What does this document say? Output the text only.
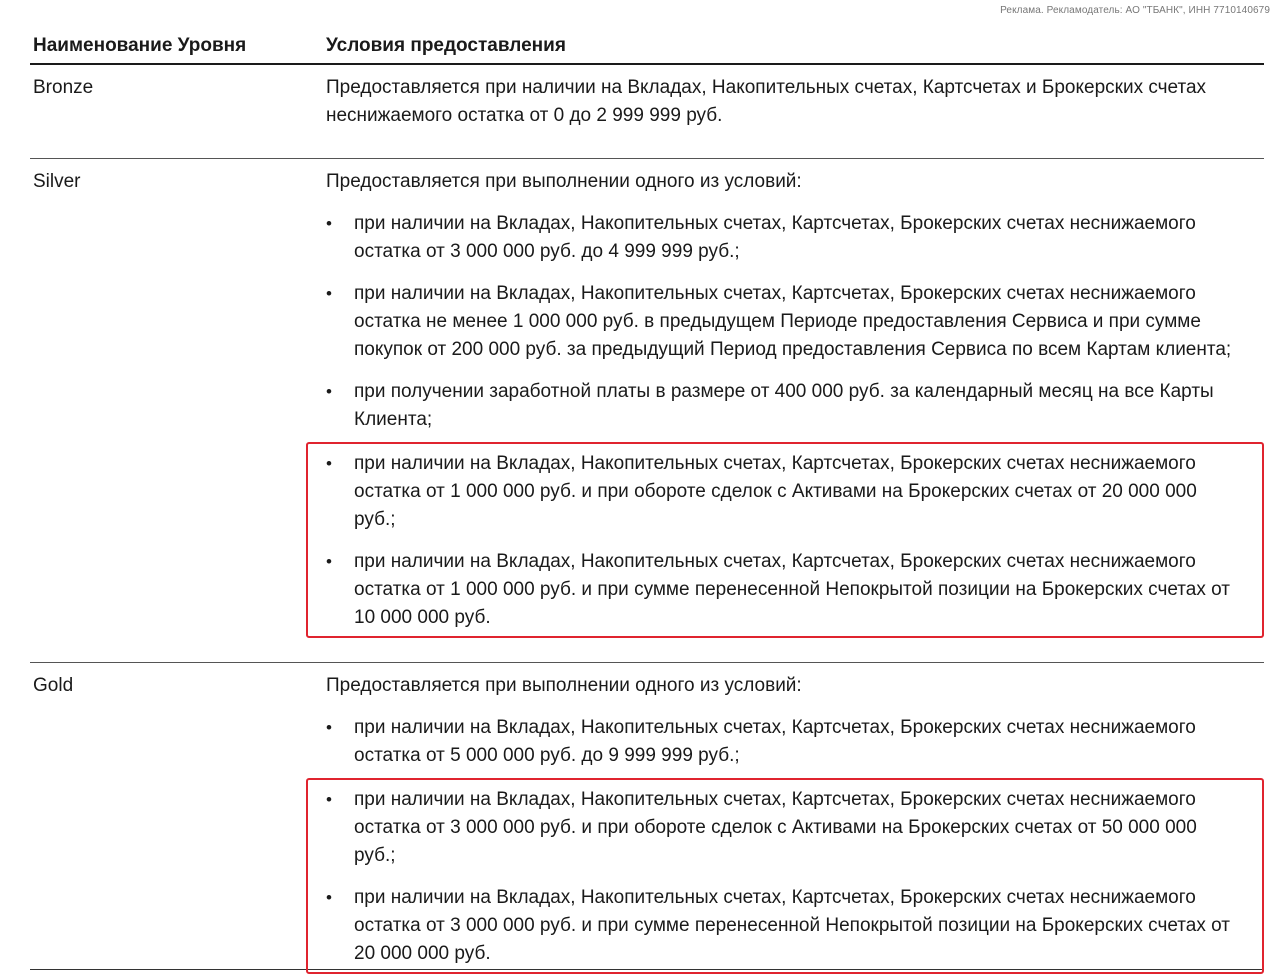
Реклама. Рекламодатель: АО "ТБАНК", ИНН 7710140679
Наименование Уровня	Условия предоставления
Bronze	Предоставляется при наличии на Вкладах, Накопительных счетах, Картсчетах и Брокерских счетах неснижаемого остатка от 0 до 2 999 999 руб.

Silver	Предоставляется при выполнении одного из условий:

•	при наличии на Вкладах, Накопительных счетах, Картсчетах, Брокерских счетах неснижаемого остатка от 3 000 000 руб. до 4 999 999 руб.;
•	при наличии на Вкладах, Накопительных счетах, Картсчетах, Брокерских счетах неснижаемого остатка не менее 1 000 000 руб. в предыдущем Периоде предоставления Сервиса и при сумме покупок от 200 000 руб. за предыдущий Период предоставления Сервиса по всем Картам клиента;
•	при получении заработной платы в размере от 400 000 руб. за календарный месяц на все Карты Клиента;
•	при наличии на Вкладах, Накопительных счетах, Картсчетах, Брокерских счетах неснижаемого остатка от 1 000 000 руб. и при обороте сделок с Активами на Брокерских счетах от 20 000 000 руб.;
•	при наличии на Вкладах, Накопительных счетах, Картсчетах, Брокерских счетах неснижаемого остатка от 1 000 000 руб. и при сумме перенесенной Непокрытой позиции на Брокерских счетах от 10 000 000 руб.
Gold	Предоставляется при выполнении одного из условий:

•	при наличии на Вкладах, Накопительных счетах, Картсчетах, Брокерских счетах неснижаемого остатка от 5 000 000 руб. до 9 999 999 руб.;
•	при наличии на Вкладах, Накопительных счетах, Картсчетах, Брокерских счетах неснижаемого остатка от 3 000 000 руб. и при обороте сделок с Активами на Брокерских счетах от 50 000 000 руб.;
•	при наличии на Вкладах, Накопительных счетах, Картсчетах, Брокерских счетах неснижаемого остатка от 3 000 000 руб. и при сумме перенесенной Непокрытой позиции на Брокерских счетах от 20 000 000 руб.
